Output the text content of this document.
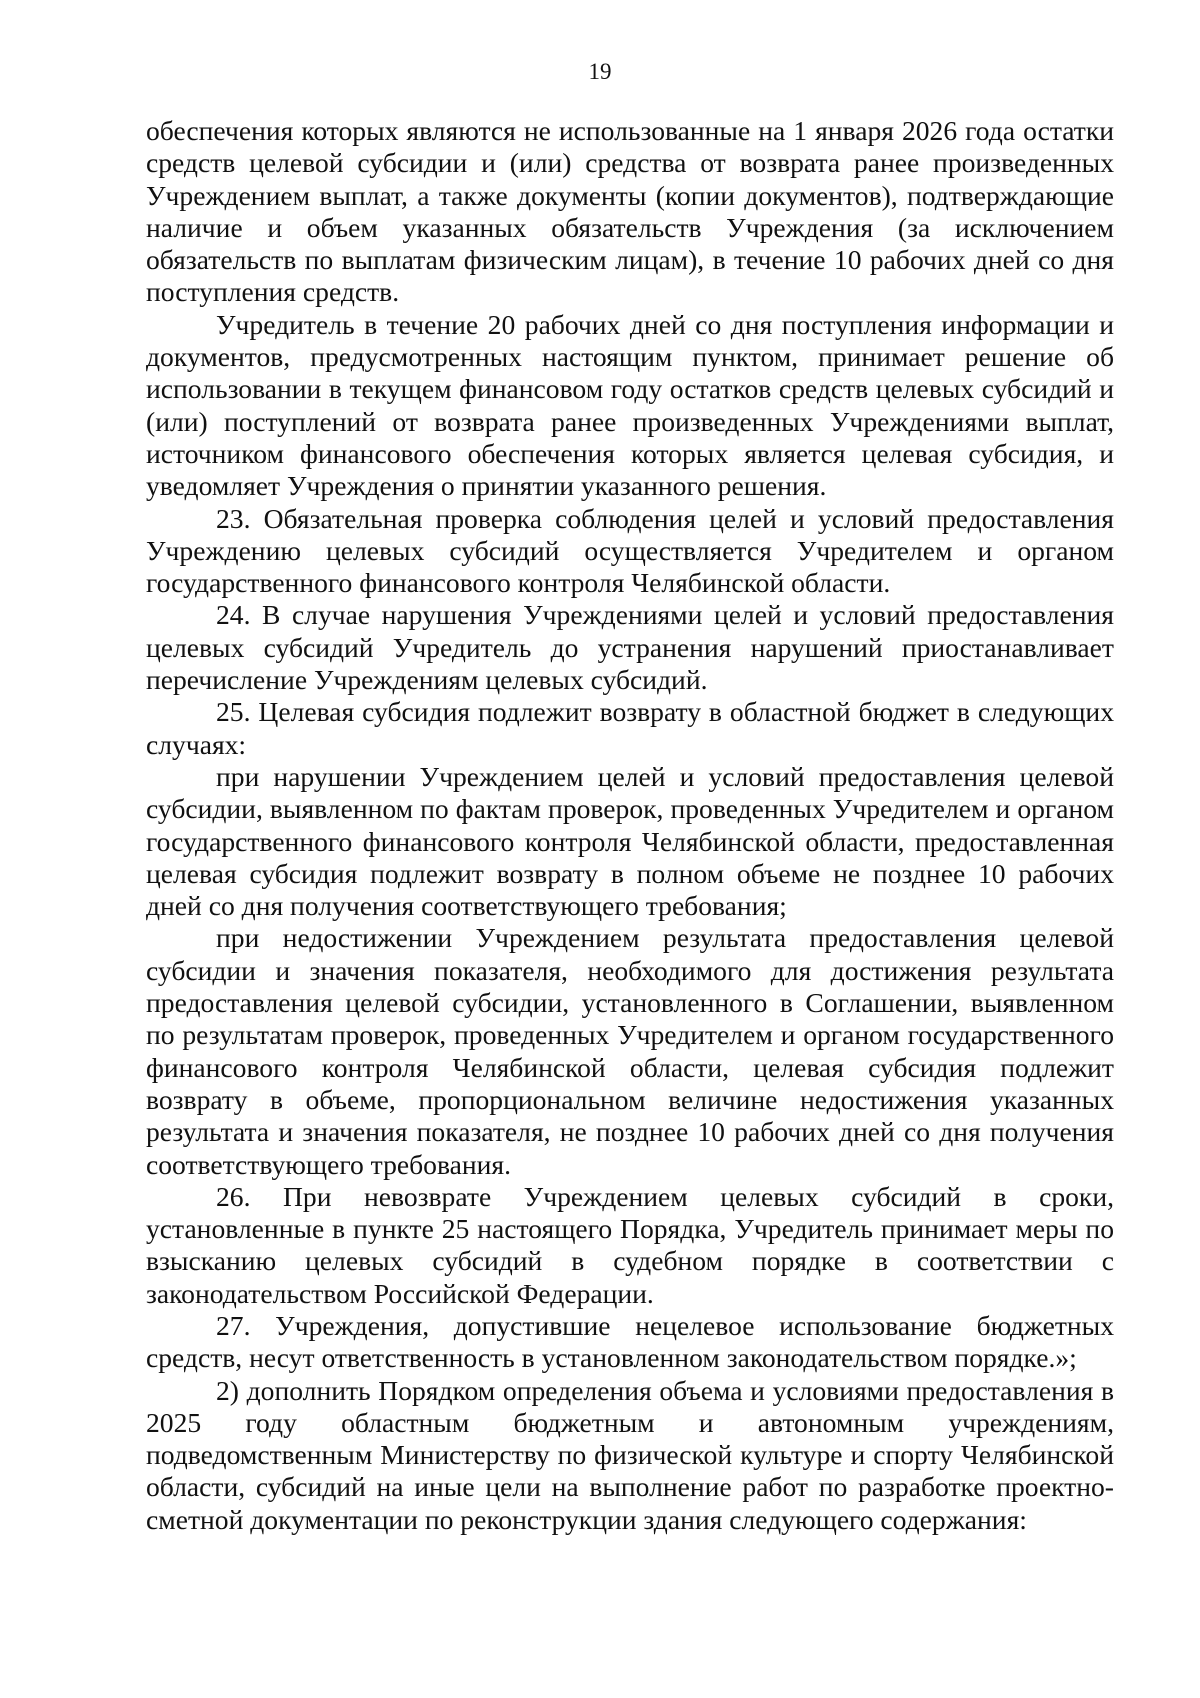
19

обеспечения которых являются не использованные на 1 января 2026 года остатки средств целевой субсидии и (или) средства от возврата ранее произведенных Учреждением выплат, а также документы (копии документов), подтверждающие наличие и объем указанных обязательств Учреждения (за исключением обязательств по выплатам физическим лицам), в течение 10 рабочих дней со дня поступления средств.

Учредитель в течение 20 рабочих дней со дня поступления информации и документов, предусмотренных настоящим пунктом, принимает решение об использовании в текущем финансовом году остатков средств целевых субсидий и (или) поступлений от возврата ранее произведенных Учреждениями выплат, источником финансового обеспечения которых является целевая субсидия, и уведомляет Учреждения о принятии указанного решения.

23. Обязательная проверка соблюдения целей и условий предоставления Учреждению целевых субсидий осуществляется Учредителем и органом государственного финансового контроля Челябинской области.

24. В случае нарушения Учреждениями целей и условий предоставления целевых субсидий Учредитель до устранения нарушений приостанавливает перечисление Учреждениям целевых субсидий.

25. Целевая субсидия подлежит возврату в областной бюджет в следующих случаях:

при нарушении Учреждением целей и условий предоставления целевой субсидии, выявленном по фактам проверок, проведенных Учредителем и органом государственного финансового контроля Челябинской области, предоставленная целевая субсидия подлежит возврату в полном объеме не позднее 10 рабочих дней со дня получения соответствующего требования;

при недостижении Учреждением результата предоставления целевой субсидии и значения показателя, необходимого для достижения результата предоставления целевой субсидии, установленного в Соглашении, выявленном по результатам проверок, проведенных Учредителем и органом государственного финансового контроля Челябинской области, целевая субсидия подлежит возврату в объеме, пропорциональном величине недостижения указанных результата и значения показателя, не позднее 10 рабочих дней со дня получения соответствующего требования.

26. При невозврате Учреждением целевых субсидий в сроки, установленные в пункте 25 настоящего Порядка, Учредитель принимает меры по взысканию целевых субсидий в судебном порядке в соответствии с законодательством Российской Федерации.

27. Учреждения, допустившие нецелевое использование бюджетных средств, несут ответственность в установленном законодательством порядке.»;

2) дополнить Порядком определения объема и условиями предоставления в 2025 году областным бюджетным и автономным учреждениям, подведомственным Министерству по физической культуре и спорту Челябинской области, субсидий на иные цели на выполнение работ по разработке проектно-сметной документации по реконструкции здания следующего содержания:
